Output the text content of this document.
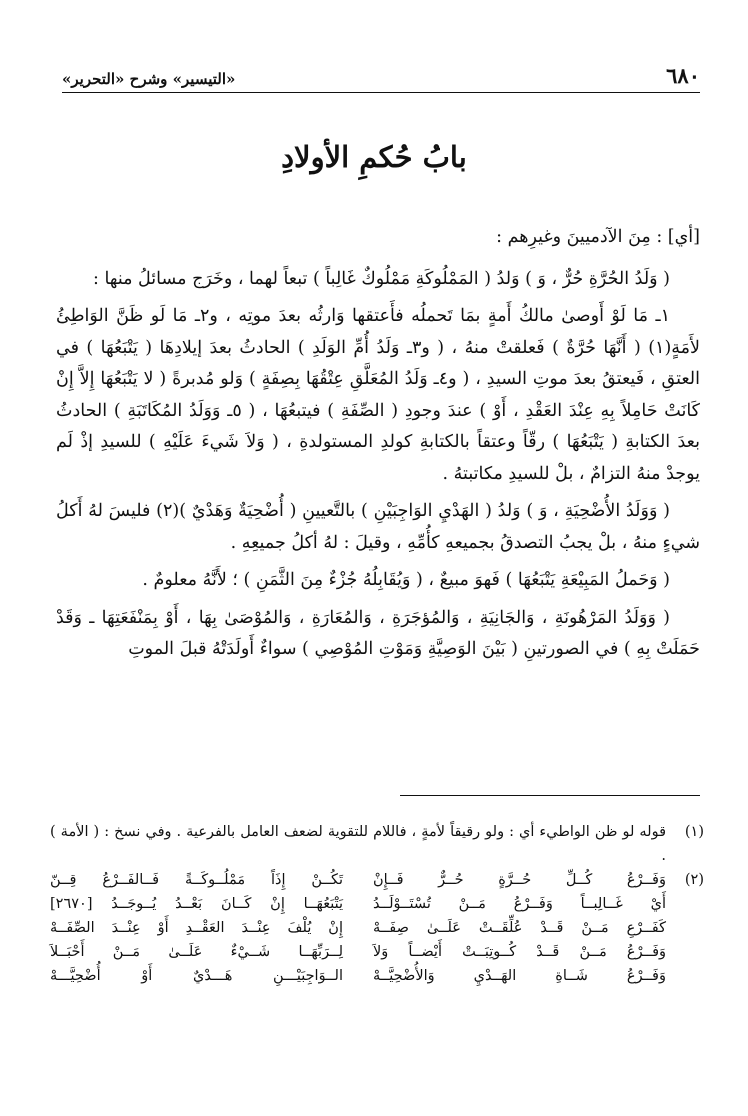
٦٨٠
«التيسير» وشرح «التحرير»
بابُ حُكمِ الأولادِ

[أي] : مِنَ الآدميينَ وغيرِهم :

( وَلَدُ الحُرَّةِ حُرٌّ ، وَ ) وَلدُ ( المَمْلُوكَةِ مَمْلُوكٌ غَالِباً ) تبعاً لهما ، وخَرَج مسائلُ منها :

١ـ مَا لَوْ أَوصىٰ مالكُ أَمةٍ بمَا تَحملُه فأَعتقها وَارثُه بعدَ موتِه ، و٢ـ مَا لَو ظَنَّ الوَاطِئُ لأَمَةٍ(١) ( أَنَّهَا حُرَّةٌ ) فَعلقتْ منهُ ، ( و٣ـ وَلَدُ أُمِّ الوَلَدِ ) الحادثُ بعدَ إيلادِهَا ( يَتْبَعُهَا ) في العتقِ ، فَيعتقُ بعدَ موتِ السيدِ ، ( و٤ـ وَلَدُ المُعَلَّقِ عِتْقُهَا بِصِفَةٍ ) وَلو مُدبرةً ( لا يَتْبَعُهَا إِلاَّ إِنْ كَانَتْ حَامِلاً بِهِ عِنْدَ العَقْدِ ، أَوْ ) عندَ وجودِ ( الصِّفَةِ ) فيتبعُهَا ، ( ٥ـ وَوَلَدُ المُكَاتَبَةِ ) الحادثُ بعدَ الكتابةِ ( يَتْبَعُهَا ) رقّاً وعتقاً بالكتابةِ كولدِ المستولدةِ ، ( وَلاَ شَيءَ عَلَيْهِ ) للسيدِ إذْ لَم يوجدْ منهُ التزامٌ ، بلْ للسيدِ مكاتبتهُ .

( وَوَلَدُ الأُضْحِيَةِ ، وَ ) وَلدُ ( الهَدْيِ الوَاجِبَيْنِ ) بالتَّعيينِ ( أُضْحِيَةٌ وَهَدْيٌ )(٢) فليسَ لهُ أَكلُ شيءٍ منهُ ، بلْ يجبُ التصدقُ بجميعهِ كأُمِّهِ ، وقيلَ : لهُ أكلُ جميعِهِ .

( وَحَملُ المَبِيْعَةِ يَتْبَعُهَا ) فَهوَ مبيعٌ ، ( وَيُقَابِلُهُ جُزْءٌ مِنَ الثَّمَنِ ) ؛ لأَنَّهُ معلومٌ .

( وَوَلَدُ المَرْهُونَةِ ، وَالجَانِيَةِ ، وَالمُؤجَرَةِ ، وَالمُعَارَةِ ، وَالمُوْصَىٰ بِهَا ، أَوْ بِمَنْفَعَتِهَا ـ وَقَدْ حَمَلَتْ بِهِ ) في الصورتينِ ( بَيْنَ الوَصِيَّةِ وَمَوْتِ المُوْصِي ) سواءٌ أَولَدَتْهُ قبلَ الموتِ

(١)
قوله لو ظن الواطيء أي : ولو رقيقاً لأمةٍ ، فاللام للتقوية لضعف العامل بالفرعية . وفي نسخ : ( الأمة ) .
(٢)
وَفَــرْعُ كُــلِّ حُــرَّةٍ حُــرٌّ فَــإِنْ
تَكُــنْ إِذَاً مَمْلُــوكَــةً فَــالفَــرْعُ قِــنّ
أَيْ غَــالِبــاً وَفَــرْعُ مَــنْ تُسْتَــوْلَــدُ
يَتْبَعُهَــا إِنْ كَــانَ بَعْــدُ يُــوجَــدُ [٢٦٧٠]
كَفَــرْعِ مَــنْ قَــدْ عُلِّقَــتْ عَلَــىٰ صِفَــهْ
إِنْ يُلْفَ عِنْــدَ العَقْــدِ أَوْ عِنْــدَ الصِّفَــهْ
وَفَــرْعُ مَــنْ قَــدْ كُــوتِبَــتْ أَيْضــاً وَلاَ
لِــرَبِّهَــا شَــيْءٌ عَلَــىٰ مَــنْ أَحْبَــلاَ
وَفَــرْعُ شَــاةِ الهَــدْيِ وَالأُضْحِيَّــهْ
الــوَاجِبَيْـــنِ هَـــدْيٌ أَوْ أُضْحِيَّـــهْ
